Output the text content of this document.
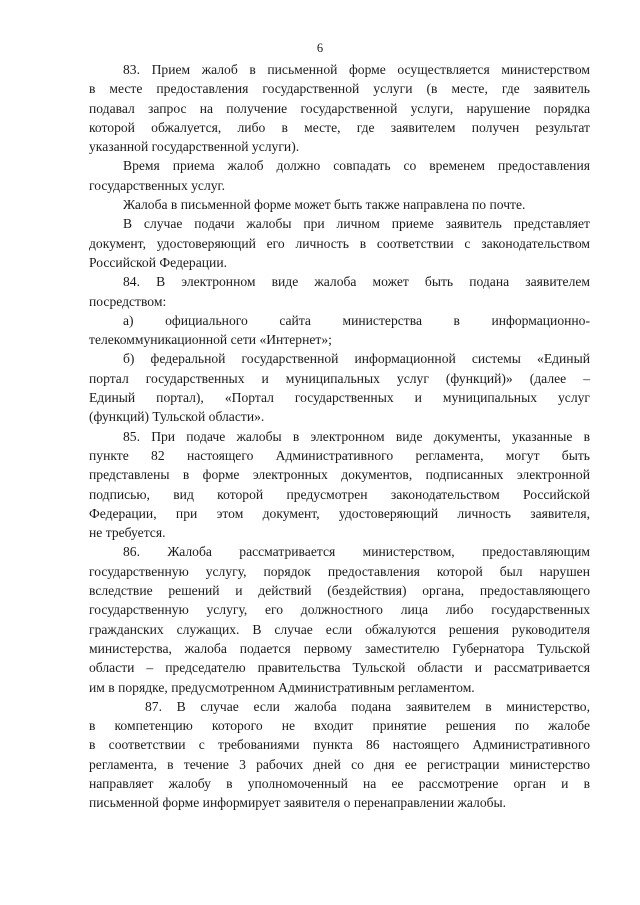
6
83. Прием жалоб в письменной форме осуществляется министерством
в месте предоставления государственной услуги (в месте, где заявитель
подавал запрос на получение государственной услуги, нарушение порядка
которой обжалуется, либо в месте, где заявителем получен результат
указанной государственной услуги).
Время приема жалоб должно совпадать со временем предоставления
государственных услуг.
Жалоба в письменной форме может быть также направлена по почте.
В случае подачи жалобы при личном приеме заявитель представляет
документ, удостоверяющий его личность в соответствии с законодательством
Российской Федерации.
84. В электронном виде жалоба может быть подана заявителем
посредством:
а) официального сайта министерства в информационно-
телекоммуникационной сети «Интернет»;
б) федеральной государственной информационной системы «Единый
портал государственных и муниципальных услуг (функций)» (далее –
Единый портал), «Портал государственных и муниципальных услуг
(функций) Тульской области».
85. При подаче жалобы в электронном виде документы, указанные в
пункте 82 настоящего Административного регламента, могут быть
представлены в форме электронных документов, подписанных электронной
подписью, вид которой предусмотрен законодательством Российской
Федерации, при этом документ, удостоверяющий личность заявителя,
не требуется.
86. Жалоба рассматривается министерством, предоставляющим
государственную услугу, порядок предоставления которой был нарушен
вследствие решений и действий (бездействия) органа, предоставляющего
государственную услугу, его должностного лица либо государственных
гражданских служащих. В случае если обжалуются решения руководителя
министерства, жалоба подается первому заместителю Губернатора Тульской
области – председателю правительства Тульской области и рассматривается
им в порядке, предусмотренном Административным регламентом.
87. В случае если жалоба подана заявителем в министерство,
в компетенцию которого не входит принятие решения по жалобе
в соответствии с требованиями пункта 86 настоящего Административного
регламента, в течение 3 рабочих дней со дня ее регистрации министерство
направляет жалобу в уполномоченный на ее рассмотрение орган и в
письменной форме информирует заявителя о перенаправлении жалобы.
